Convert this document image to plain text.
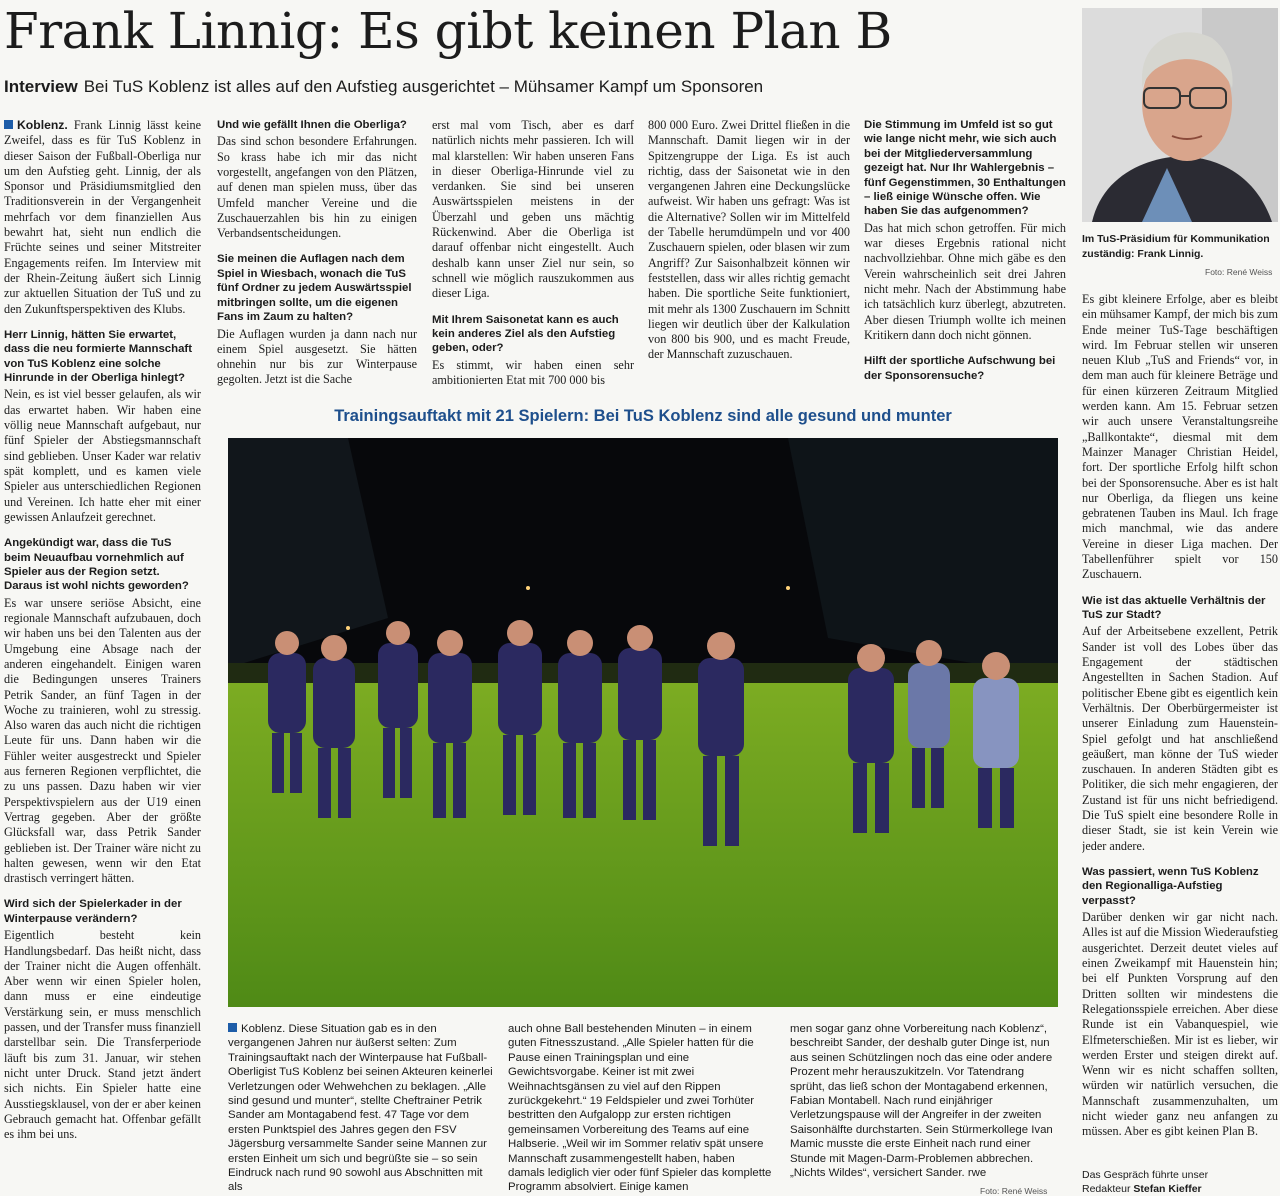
Frank Linnig: Es gibt keinen Plan B
Interview Bei TuS Koblenz ist alles auf den Aufstieg ausgerichtet – Mühsamer Kampf um Sponsoren
Im TuS-Präsidium für Kommunikation zuständig: Frank Linnig.
Foto: René Weiss

Koblenz. Frank Linnig lässt keine Zweifel, dass es für TuS Koblenz in dieser Saison der Fußball-Oberliga nur um den Aufstieg geht. Linnig, der als Sponsor und Präsidiumsmitglied den Traditionsverein in der Vergangenheit mehrfach vor dem finanziellen Aus bewahrt hat, sieht nun endlich die Früchte seines und seiner Mitstreiter Engagements reifen. Im Interview mit der Rhein-Zeitung äußert sich Linnig zur aktuellen Situation der TuS und zu den Zukunftsperspektiven des Klubs.

Herr Linnig, hätten Sie erwartet, dass die neu formierte Mannschaft von TuS Koblenz eine solche Hinrunde in der Oberliga hinlegt?

Nein, es ist viel besser gelaufen, als wir das erwartet haben. Wir haben eine völlig neue Mannschaft aufgebaut, nur fünf Spieler der Abstiegsmannschaft sind geblieben. Unser Kader war relativ spät komplett, und es kamen viele Spieler aus unterschiedlichen Regionen und Vereinen. Ich hatte eher mit einer gewissen Anlaufzeit gerechnet.

Angekündigt war, dass die TuS beim Neuaufbau vornehmlich auf Spieler aus der Region setzt. Daraus ist wohl nichts geworden?

Es war unsere seriöse Absicht, eine regionale Mannschaft aufzubauen, doch wir haben uns bei den Talenten aus der Umgebung eine Absage nach der anderen eingehandelt. Einigen waren die Bedingungen unseres Trainers Petrik Sander, an fünf Tagen in der Woche zu trainieren, wohl zu stressig. Also waren das auch nicht die richtigen Leute für uns. Dann haben wir die Fühler weiter ausgestreckt und Spieler aus ferneren Regionen verpflichtet, die zu uns passen. Dazu haben wir vier Perspektivspielern aus der U19 einen Vertrag gegeben. Aber der größte Glücksfall war, dass Petrik Sander geblieben ist. Der Trainer wäre nicht zu halten gewesen, wenn wir den Etat drastisch verringert hätten.

Wird sich der Spielerkader in der Winterpause verändern?

Eigentlich besteht kein Handlungsbedarf. Das heißt nicht, dass der Trainer nicht die Augen offenhält. Aber wenn wir einen Spieler holen, dann muss er eine eindeutige Verstärkung sein, er muss menschlich passen, und der Transfer muss finanziell darstellbar sein. Die Transferperiode läuft bis zum 31. Januar, wir stehen nicht unter Druck. Stand jetzt ändert sich nichts. Ein Spieler hatte eine Ausstiegsklausel, von der er aber keinen Gebrauch gemacht hat. Offenbar gefällt es ihm bei uns.

Und wie gefällt Ihnen die Oberliga?

Das sind schon besondere Erfahrungen. So krass habe ich mir das nicht vorgestellt, angefangen von den Plätzen, auf denen man spielen muss, über das Umfeld mancher Vereine und die Zuschauerzahlen bis hin zu einigen Verbandsentscheidungen.

Sie meinen die Auflagen nach dem Spiel in Wiesbach, wonach die TuS fünf Ordner zu jedem Auswärtsspiel mitbringen sollte, um die eigenen Fans im Zaum zu halten?

Die Auflagen wurden ja dann nach nur einem Spiel ausgesetzt. Sie hätten ohnehin nur bis zur Winterpause gegolten. Jetzt ist die Sache

erst mal vom Tisch, aber es darf natürlich nichts mehr passieren. Ich will mal klarstellen: Wir haben unseren Fans in dieser Oberliga-Hinrunde viel zu verdanken. Sie sind bei unseren Auswärtsspielen meistens in der Überzahl und geben uns mächtig Rückenwind. Aber die Oberliga ist darauf offenbar nicht eingestellt. Auch deshalb kann unser Ziel nur sein, so schnell wie möglich rauszukommen aus dieser Liga.

Mit Ihrem Saisonetat kann es auch kein anderes Ziel als den Aufstieg geben, oder?

Es stimmt, wir haben einen sehr ambitionierten Etat mit 700 000 bis

800 000 Euro. Zwei Drittel fließen in die Mannschaft. Damit liegen wir in der Spitzengruppe der Liga. Es ist auch richtig, dass der Saisonetat wie in den vergangenen Jahren eine Deckungslücke aufweist. Wir haben uns gefragt: Was ist die Alternative? Sollen wir im Mittelfeld der Tabelle herumdümpeln und vor 400 Zuschauern spielen, oder blasen wir zum Angriff? Zur Saisonhalbzeit können wir feststellen, dass wir alles richtig gemacht haben. Die sportliche Seite funktioniert, mit mehr als 1300 Zuschauern im Schnitt liegen wir deutlich über der Kalkulation von 800 bis 900, und es macht Freude, der Mannschaft zuzuschauen.

Die Stimmung im Umfeld ist so gut wie lange nicht mehr, wie sich auch bei der Mitgliederversammlung gezeigt hat. Nur Ihr Wahlergebnis – fünf Gegenstimmen, 30 Enthaltungen – ließ einige Wünsche offen. Wie haben Sie das aufgenommen?

Das hat mich schon getroffen. Für mich war dieses Ergebnis rational nicht nachvollziehbar. Ohne mich gäbe es den Verein wahrscheinlich seit drei Jahren nicht mehr. Nach der Abstimmung habe ich tatsächlich kurz überlegt, abzutreten. Aber diesen Triumph wollte ich meinen Kritikern dann doch nicht gönnen.

Hilft der sportliche Aufschwung bei der Sponsorensuche?

Es gibt kleinere Erfolge, aber es bleibt ein mühsamer Kampf, der mich bis zum Ende meiner TuS-Tage beschäftigen wird. Im Februar stellen wir unseren neuen Klub „TuS and Friends“ vor, in dem man auch für kleinere Beträge und für einen kürzeren Zeitraum Mitglied werden kann. Am 15. Februar setzen wir auch unsere Veranstaltungsreihe „Ballkontakte“, diesmal mit dem Mainzer Manager Christian Heidel, fort. Der sportliche Erfolg hilft schon bei der Sponsorensuche. Aber es ist halt nur Oberliga, da fliegen uns keine gebratenen Tauben ins Maul. Ich frage mich manchmal, wie das andere Vereine in dieser Liga machen. Der Tabellenführer spielt vor 150 Zuschauern.

Wie ist das aktuelle Verhältnis der TuS zur Stadt?

Auf der Arbeitsebene exzellent, Petrik Sander ist voll des Lobes über das Engagement der städtischen Angestellten in Sachen Stadion. Auf politischer Ebene gibt es eigentlich kein Verhältnis. Der Oberbürgermeister ist unserer Einladung zum Hauenstein-Spiel gefolgt und hat anschließend geäußert, man könne der TuS wieder zuschauen. In anderen Städten gibt es Politiker, die sich mehr engagieren, der Zustand ist für uns nicht befriedigend. Die TuS spielt eine besondere Rolle in dieser Stadt, sie ist kein Verein wie jeder andere.

Was passiert, wenn TuS Koblenz den Regionalliga-Aufstieg verpasst?

Darüber denken wir gar nicht nach. Alles ist auf die Mission Wiederaufstieg ausgerichtet. Derzeit deutet vieles auf einen Zweikampf mit Hauenstein hin; bei elf Punkten Vorsprung auf den Dritten sollten wir mindestens die Relegationsspiele erreichen. Aber diese Runde ist ein Vabanquespiel, wie Elfmeterschießen. Mir ist es lieber, wir werden Erster und steigen direkt auf. Wenn wir es nicht schaffen sollten, würden wir natürlich versuchen, die Mannschaft zusammenzuhalten, um nicht wieder ganz neu anfangen zu müssen. Aber es gibt keinen Plan B.

Trainingsauftakt mit 21 Spielern: Bei TuS Koblenz sind alle gesund und munter
Foto: René Weiss

Koblenz. Diese Situation gab es in den vergangenen Jahren nur äußerst selten: Zum Trainingsauftakt nach der Winterpause hat Fußball-Oberligist TuS Koblenz bei seinen Akteuren keinerlei Verletzungen oder Wehwehchen zu beklagen. „Alle sind gesund und munter“, stellte Cheftrainer Petrik Sander am Montagabend fest. 47 Tage vor dem ersten Punktspiel des Jahres gegen den FSV Jägersburg versammelte Sander seine Mannen zur ersten Einheit um sich und begrüßte sie – so sein Eindruck nach rund 90 sowohl aus Abschnitten mit als

auch ohne Ball bestehenden Minuten – in einem guten Fitnesszustand. „Alle Spieler hatten für die Pause einen Trainingsplan und eine Gewichtsvorgabe. Keiner ist mit zwei Weihnachtsgänsen zu viel auf den Rippen zurückgekehrt.“ 19 Feldspieler und zwei Torhüter bestritten den Aufgalopp zur ersten richtigen gemeinsamen Vorbereitung des Teams auf eine Halbserie. „Weil wir im Sommer relativ spät unsere Mannschaft zusammengestellt haben, haben damals lediglich vier oder fünf Spieler das komplette Programm absolviert. Einige kamen

men sogar ganz ohne Vorbereitung nach Koblenz“, beschreibt Sander, der deshalb guter Dinge ist, nun aus seinen Schützlingen noch das eine oder andere Prozent mehr herauszukitzeln. Vor Tatendrang sprüht, das ließ schon der Montagabend erkennen, Fabian Montabell. Nach rund einjähriger Verletzungspause will der Angreifer in der zweiten Saisonhälfte durchstarten. Sein Stürmerkollege Ivan Mamic musste die erste Einheit nach rund einer Stunde mit Magen-Darm-Problemen abbrechen. „Nichts Wildes“, versichert Sander. rwe	Das Gespräch führte unser
Redakteur Stefan Kieffer
